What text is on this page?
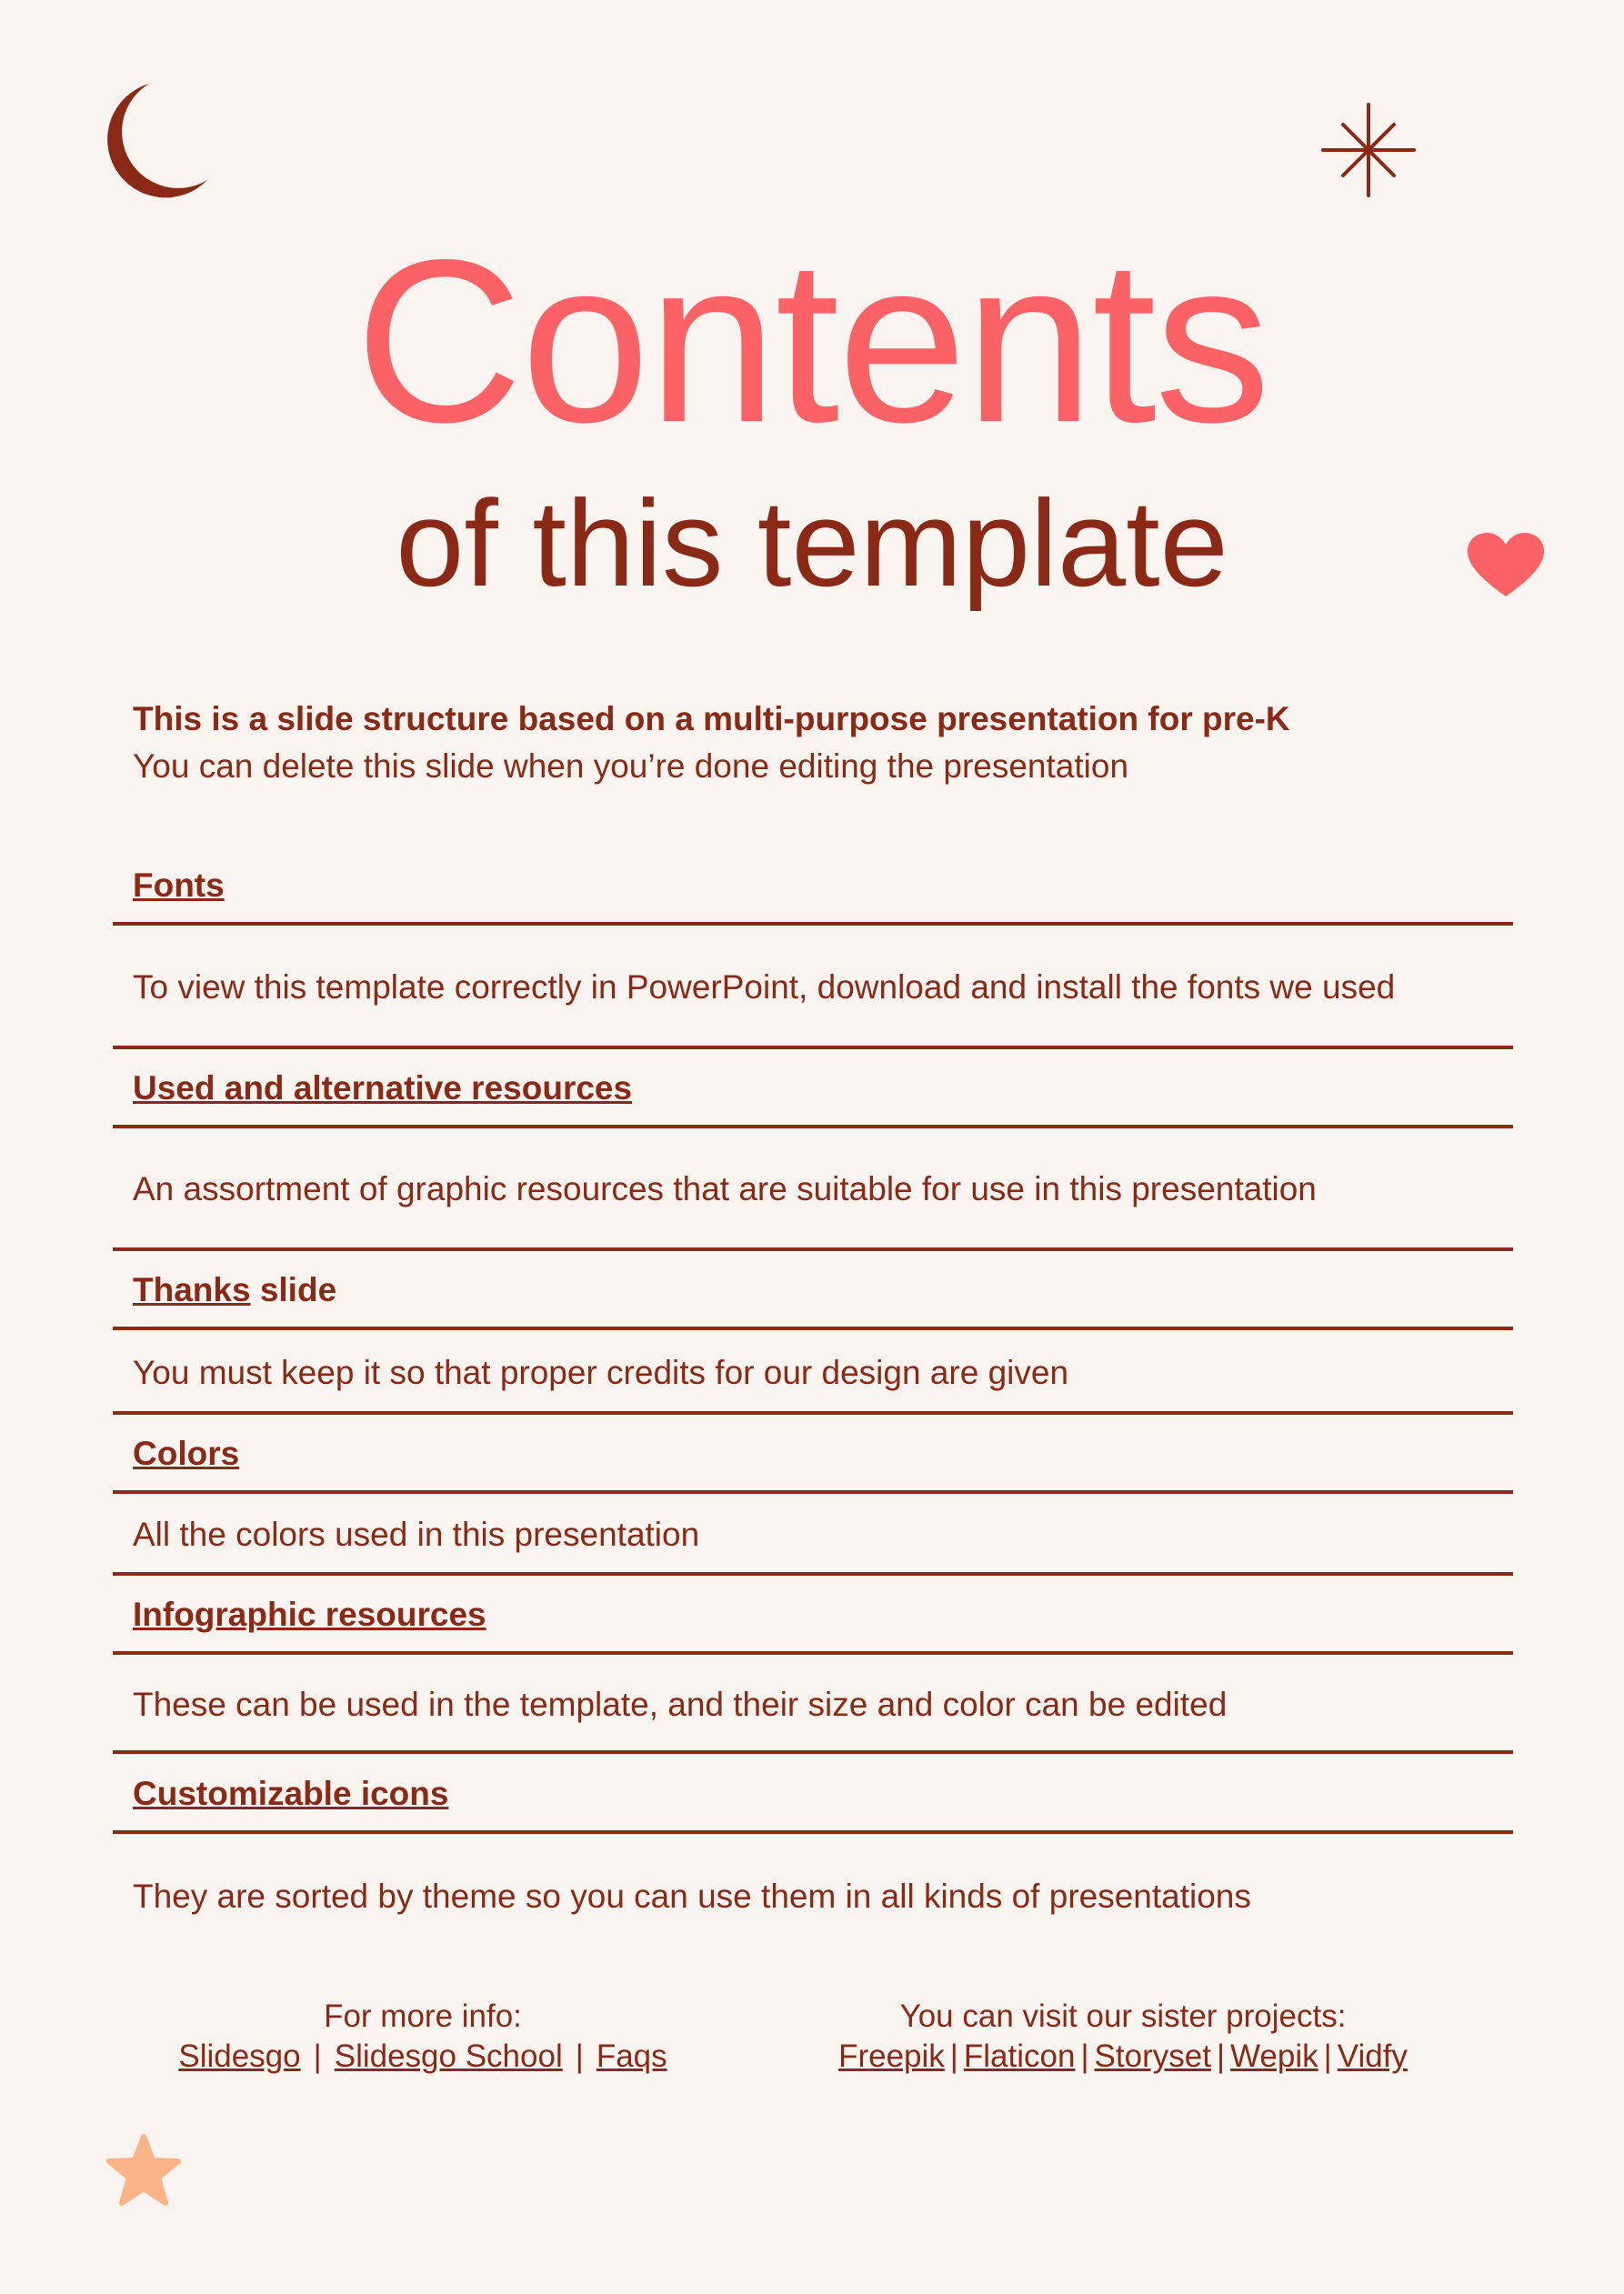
Contents
of this template
This is a slide structure based on a multi-purpose presentation for pre-K
You can delete this slide when you’re done editing the presentation
Fonts
To view this template correctly in PowerPoint, download and install the fonts we used
Used and alternative resources
An assortment of graphic resources that are suitable for use in this presentation
Thanks slide
You must keep it so that proper credits for our design are given
Colors
All the colors used in this presentation
Infographic resources
These can be used in the template, and their size and color can be edited
Customizable icons
They are sorted by theme so you can use them in all kinds of presentations
For more info:
Slidesgo | Slidesgo School | Faqs
You can visit our sister projects:
Freepik | Flaticon | Storyset | Wepik | Vidfy
